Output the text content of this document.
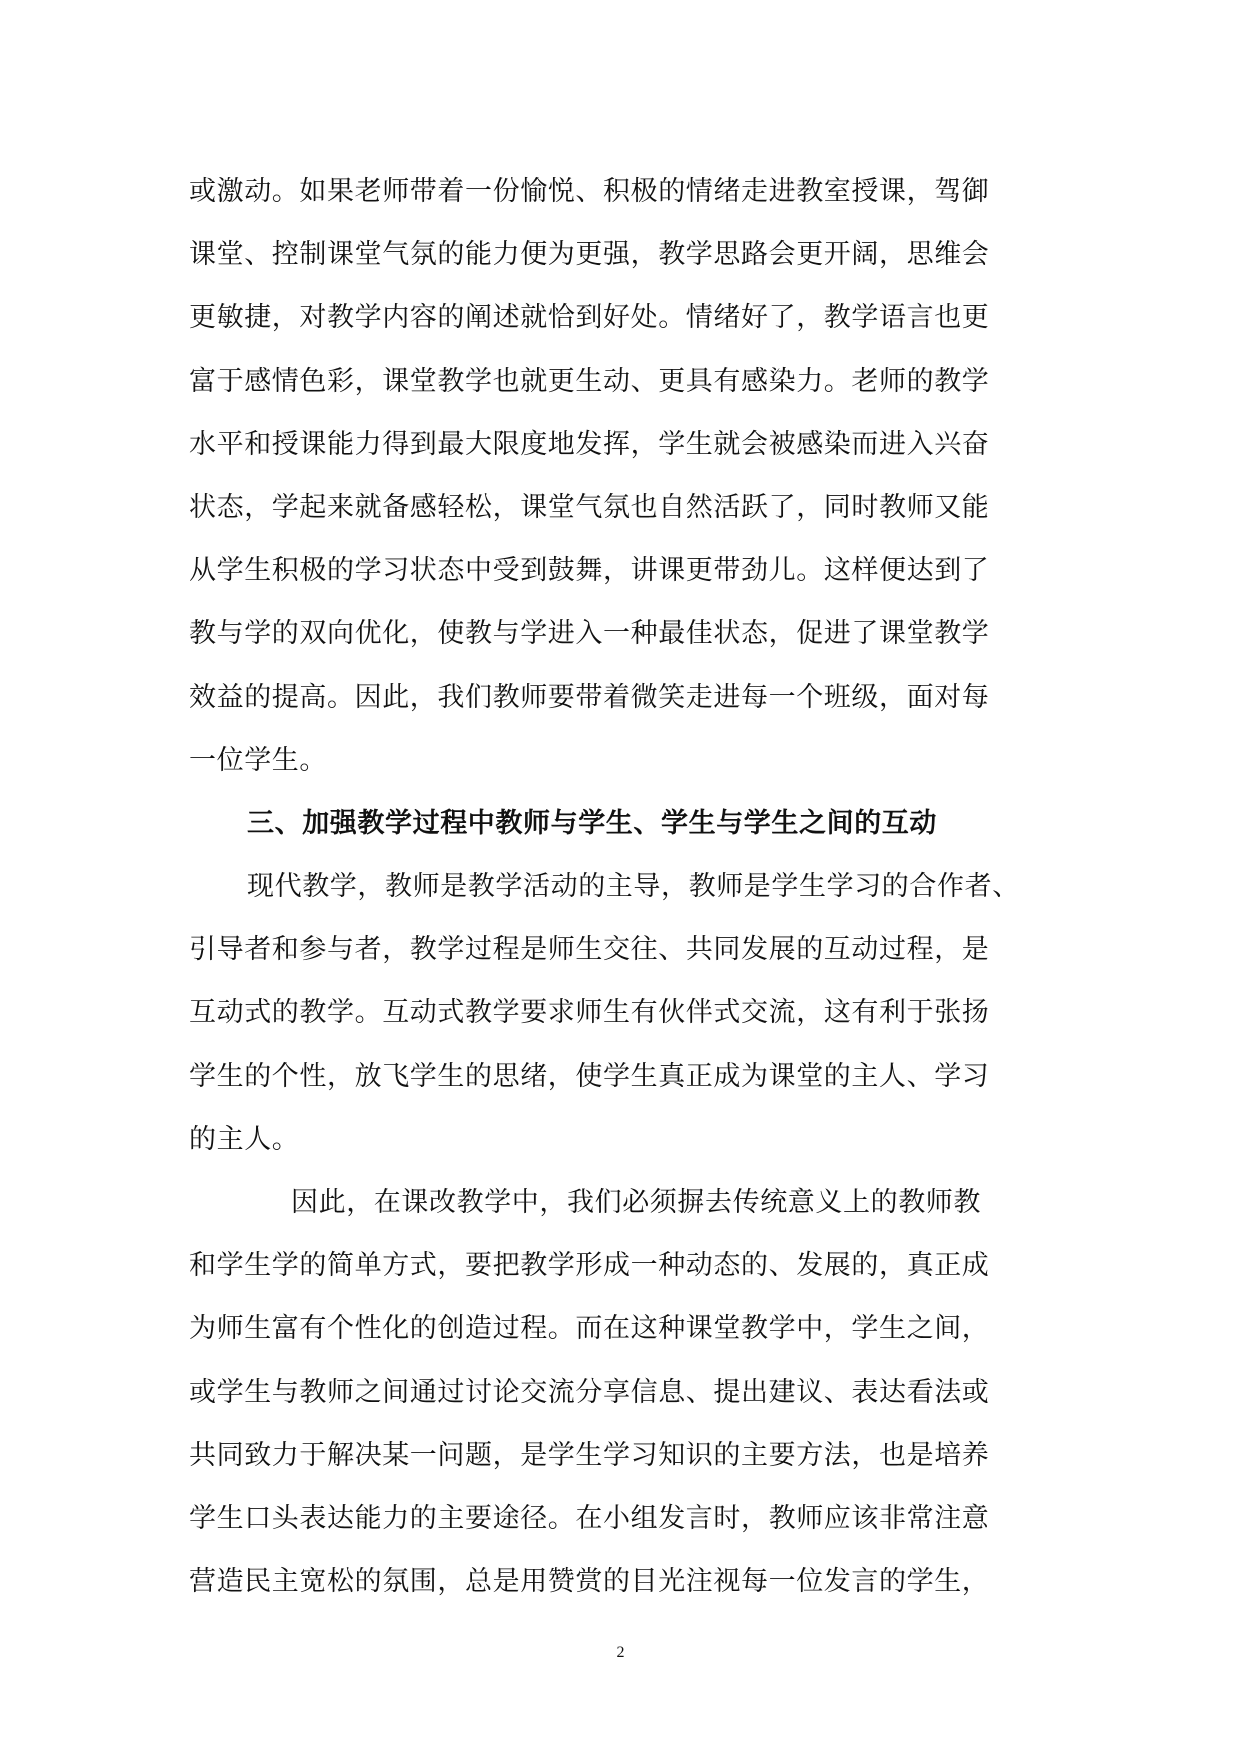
或激动。如果老师带着一份愉悦、积极的情绪走进教室授课，驾御
课堂、控制课堂气氛的能力便为更强，教学思路会更开阔，思维会
更敏捷，对教学内容的阐述就恰到好处。情绪好了，教学语言也更
富于感情色彩，课堂教学也就更生动、更具有感染力。老师的教学
水平和授课能力得到最大限度地发挥，学生就会被感染而进入兴奋
状态，学起来就备感轻松，课堂气氛也自然活跃了，同时教师又能
从学生积极的学习状态中受到鼓舞，讲课更带劲儿。这样便达到了
教与学的双向优化，使教与学进入一种最佳状态，促进了课堂教学
效益的提高。因此，我们教师要带着微笑走进每一个班级，面对每
一位学生。
三、加强教学过程中教师与学生、学生与学生之间的互动
现代教学，教师是教学活动的主导，教师是学生学习的合作者、
引导者和参与者，教学过程是师生交往、共同发展的互动过程，是
互动式的教学。互动式教学要求师生有伙伴式交流，这有利于张扬
学生的个性，放飞学生的思绪，使学生真正成为课堂的主人、学习
的主人。
因此，在课改教学中，我们必须摒去传统意义上的教师教
和学生学的简单方式，要把教学形成一种动态的、发展的，真正成
为师生富有个性化的创造过程。而在这种课堂教学中，学生之间，
或学生与教师之间通过讨论交流分享信息、提出建议、表达看法或
共同致力于解决某一问题，是学生学习知识的主要方法，也是培养
学生口头表达能力的主要途径。在小组发言时，教师应该非常注意
营造民主宽松的氛围，总是用赞赏的目光注视每一位发言的学生，
2
